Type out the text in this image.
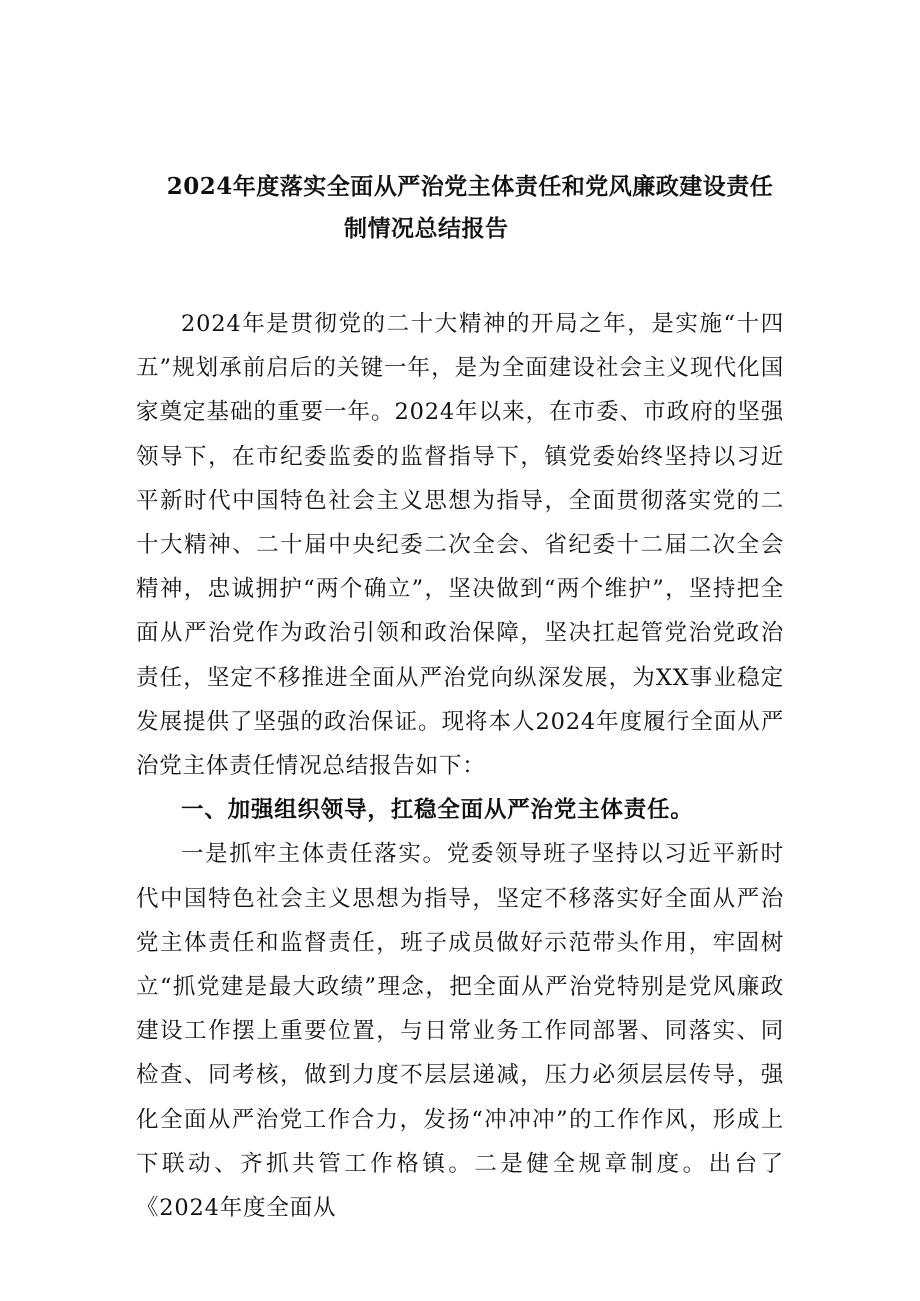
2024年度落实全面从严治党主体责任和党风廉政建设责任
制情况总结报告

2024年是贯彻党的二十大精神的开局之年，是实施“十四五”规划承前启后的关键一年，是为全面建设社会主义现代化国家奠定基础的重要一年。2024年以来，在市委、市政府的坚强领导下，在市纪委监委的监督指导下，镇党委始终坚持以习近平新时代中国特色社会主义思想为指导，全面贯彻落实党的二十大精神、二十届中央纪委二次全会、省纪委十二届二次全会精神，忠诚拥护“两个确立”，坚决做到“两个维护”，坚持把全面从严治党作为政治引领和政治保障，坚决扛起管党治党政治责任，坚定不移推进全面从严治党向纵深发展，为XX事业稳定发展提供了坚强的政治保证。现将本人2024年度履行全面从严治党主体责任情况总结报告如下：

一、加强组织领导，扛稳全面从严治党主体责任。

一是抓牢主体责任落实。党委领导班子坚持以习近平新时代中国特色社会主义思想为指导，坚定不移落实好全面从严治党主体责任和监督责任，班子成员做好示范带头作用，牢固树立“抓党建是最大政绩”理念，把全面从严治党特别是党风廉政建设工作摆上重要位置，与日常业务工作同部署、同落实、同检查、同考核，做到力度不层层递减，压力必须层层传导，强化全面从严治党工作合力，发扬“冲冲冲”的工作作风，形成上下联动、齐抓共管工作格镇。二是健全规章制度。出台了《2024年度全面从
